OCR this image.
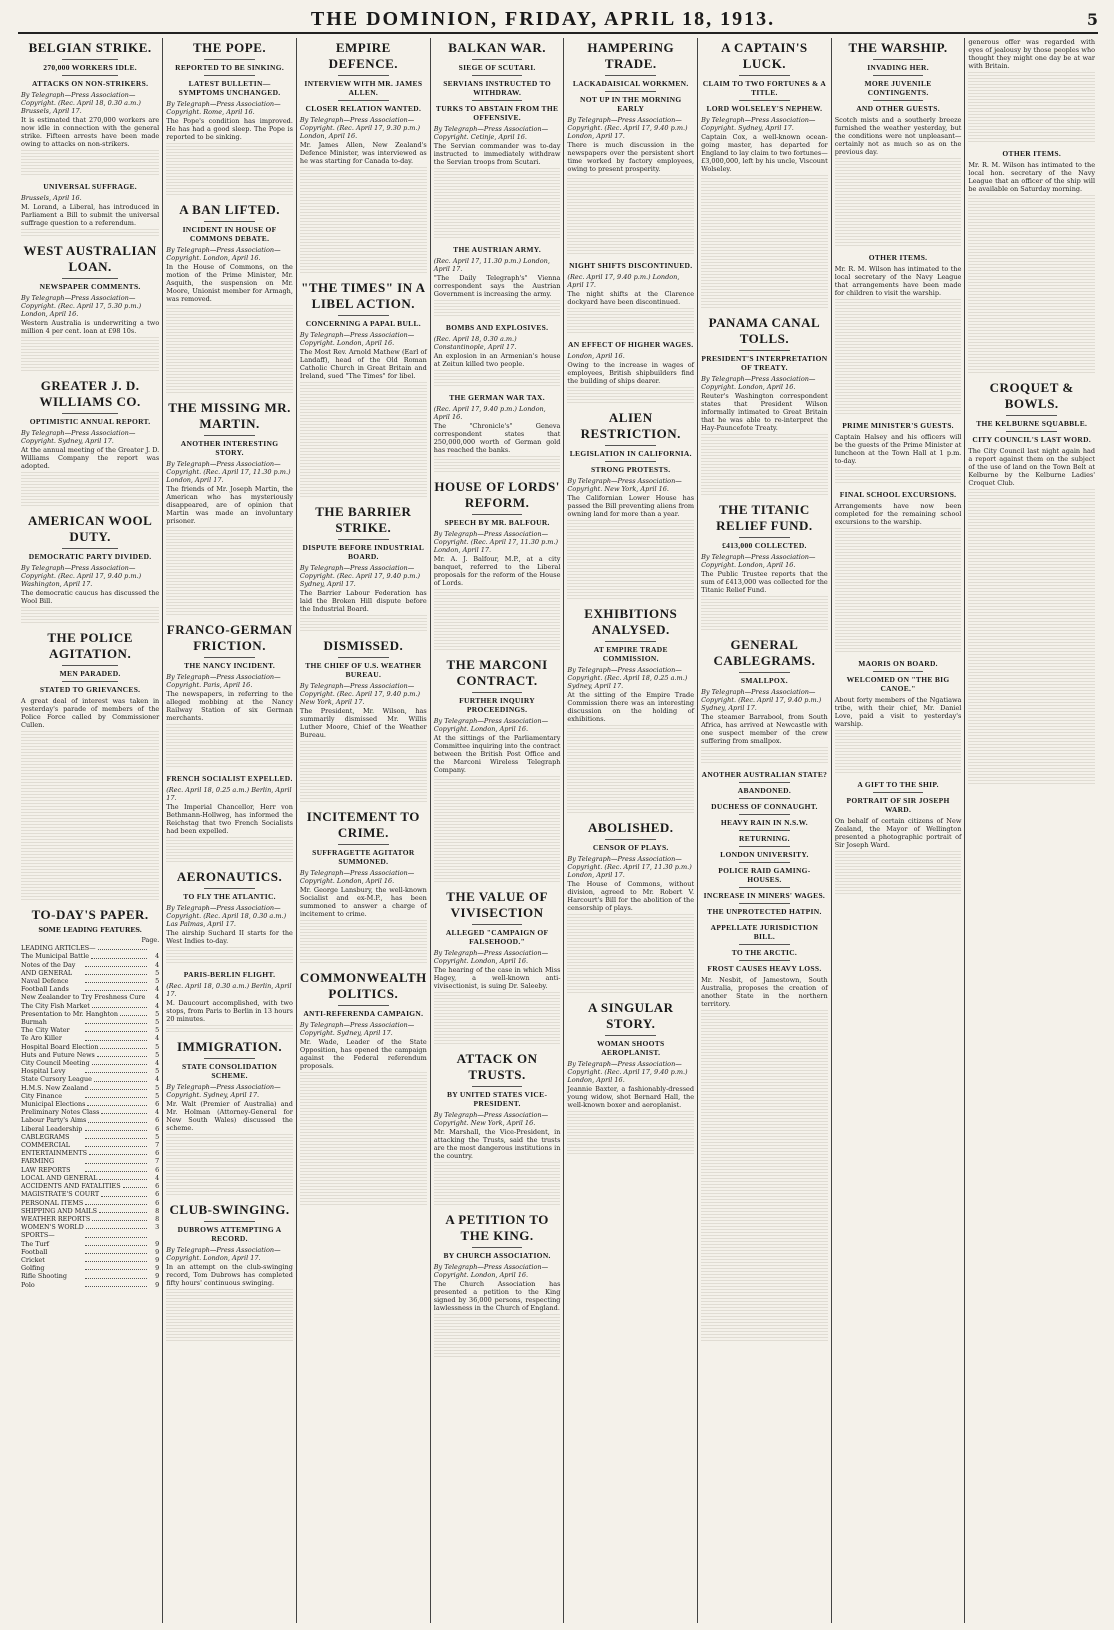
THE DOMINION, FRIDAY, APRIL 18, 1913.	5
BELGIAN STRIKE.
270,000 WORKERS IDLE.
ATTACKS ON NON-STRIKERS.
By Telegraph—Press Association—Copyright. (Rec. April 18, 0.30 a.m.) Brussels, April 17.

It is estimated that 270,000 workers are now idle in connection with the general strike. Fifteen arrests have been made owing to attacks on non-strikers.

UNIVERSAL SUFFRAGE.
Brussels, April 16.

M. Lorand, a Liberal, has introduced in Parliament a Bill to submit the universal suffrage question to a referendum.

WEST AUSTRALIAN LOAN.
NEWSPAPER COMMENTS.
By Telegraph—Press Association—Copyright. (Rec. April 17, 5.30 p.m.) London, April 16.

Western Australia is underwriting a two million 4 per cent. loan at £98 10s.

GREATER J. D. WILLIAMS CO.
OPTIMISTIC ANNUAL REPORT.
By Telegraph—Press Association—Copyright. Sydney, April 17.

At the annual meeting of the Greater J. D. Williams Company the report was adopted.

AMERICAN WOOL DUTY.
DEMOCRATIC PARTY DIVIDED.
By Telegraph—Press Association—Copyright. (Rec. April 17, 9.40 p.m.) Washington, April 17.

The democratic caucus has discussed the Wool Bill.

THE POLICE AGITATION.
MEN PARADED.
STATED TO GRIEVANCES.

A great deal of interest was taken in yesterday's parade of members of the Police Force called by Commissioner Cullen.

TO-DAY'S PAPER.
SOME LEADING FEATURES.
Page.
LEADING ARTICLES—
The Municipal Battle	4
Notes of the Day	4
AND GENERAL	5
Naval Defence	5
Football Lands	4
New Zealander to Try Freshness Cure	4
The City Fish Market	4
Presentation to Mr. Hanghton	5
Burmah	5
The City Water	5
Te Aro Killer	4
Hospital Board Election	5
Huts and Future News	5
City Council Meeting	4
Hospital Levy	5
State Cursory League	4
H.M.S. New Zealand	5
City Finance	5
Municipal Elections	6
Preliminary Notes Class	4
Labour Party's Aims	6
Liberal Leadership	6
CABLEGRAMS	5
COMMERCIAL	7
ENTERTAINMENTS	6
FARMING	7
LAW REPORTS	6
LOCAL AND GENERAL	4
ACCIDENTS AND FATALITIES	6
MAGISTRATE'S COURT	6
PERSONAL ITEMS	6
SHIPPING AND MAILS	8
WEATHER REPORTS	8
WOMEN'S WORLD	3
SPORTS—
The Turf	9
Football	9
Cricket	9
Golfing	9
Rifle Shooting	9
Polo	9
THE POPE.
REPORTED TO BE SINKING.
LATEST BULLETIN—SYMPTOMS UNCHANGED.
By Telegraph—Press Association—Copyright. Rome, April 16.

The Pope's condition has improved. He has had a good sleep. The Pope is reported to be sinking.

A BAN LIFTED.
INCIDENT IN HOUSE OF COMMONS DEBATE.
By Telegraph—Press Association—Copyright. London, April 16.

In the House of Commons, on the motion of the Prime Minister, Mr. Asquith, the suspension on Mr. Moore, Unionist member for Armagh, was removed.

THE MISSING MR. MARTIN.
ANOTHER INTERESTING STORY.
By Telegraph—Press Association—Copyright. (Rec. April 17, 11.30 p.m.) London, April 17.

The friends of Mr. Joseph Martin, the American who has mysteriously disappeared, are of opinion that Martin was made an involuntary prisoner.

FRANCO-GERMAN FRICTION.
THE NANCY INCIDENT.
By Telegraph—Press Association—Copyright. Paris, April 16.

The newspapers, in referring to the alleged mobbing at the Nancy Railway Station of six German merchants.

FRENCH SOCIALIST EXPELLED.
(Rec. April 18, 0.25 a.m.) Berlin, April 17.

The Imperial Chancellor, Herr von Bethmann-Hollweg, has informed the Reichstag that two French Socialists had been expelled.

AERONAUTICS.
TO FLY THE ATLANTIC.
By Telegraph—Press Association—Copyright. (Rec. April 18, 0.30 a.m.) Las Palmas, April 17.

The airship Suchard II starts for the West Indies to-day.

PARIS-BERLIN FLIGHT.
(Rec. April 18, 0.30 a.m.) Berlin, April 17.

M. Daucourt accomplished, with two stops, from Paris to Berlin in 13 hours 20 minutes.

IMMIGRATION.
STATE CONSOLIDATION SCHEME.
By Telegraph—Press Association—Copyright. Sydney, April 17.

Mr. Walt (Premier of Australia) and Mr. Holman (Attorney-General for New South Wales) discussed the scheme.

CLUB-SWINGING.
DUBROWS ATTEMPTING A RECORD.
By Telegraph—Press Association—Copyright. London, April 17.

In an attempt on the club-swinging record, Tom Dubrows has completed fifty hours' continuous swinging.

EMPIRE DEFENCE.
INTERVIEW WITH MR. JAMES ALLEN.
CLOSER RELATION WANTED.
By Telegraph—Press Association—Copyright. (Rec. April 17, 9.30 p.m.) London, April 16.

Mr. James Allen, New Zealand's Defence Minister, was interviewed as he was starting for Canada to-day.

"THE TIMES" IN A LIBEL ACTION.
CONCERNING A PAPAL BULL.
By Telegraph—Press Association—Copyright. London, April 16.

The Most Rev. Arnold Mathew (Earl of Landaff), head of the Old Roman Catholic Church in Great Britain and Ireland, sued "The Times" for libel.

THE BARRIER STRIKE.
DISPUTE BEFORE INDUSTRIAL BOARD.
By Telegraph—Press Association—Copyright. (Rec. April 17, 9.40 p.m.) Sydney, April 17.

The Barrier Labour Federation has laid the Broken Hill dispute before the Industrial Board.

DISMISSED.
THE CHIEF OF U.S. WEATHER BUREAU.
By Telegraph—Press Association—Copyright. (Rec. April 17, 9.40 p.m.) New York, April 17.

The President, Mr. Wilson, has summarily dismissed Mr. Willis Luther Moore, Chief of the Weather Bureau.

INCITEMENT TO CRIME.
SUFFRAGETTE AGITATOR SUMMONED.
By Telegraph—Press Association—Copyright. London, April 16.

Mr. George Lansbury, the well-known Socialist and ex-M.P., has been summoned to answer a charge of incitement to crime.

COMMONWEALTH POLITICS.
ANTI-REFERENDA CAMPAIGN.
By Telegraph—Press Association—Copyright. Sydney, April 17.

Mr. Wade, Leader of the State Opposition, has opened the campaign against the Federal referendum proposals.

BALKAN WAR.
SIEGE OF SCUTARI.
SERVIANS INSTRUCTED TO WITHDRAW.
TURKS TO ABSTAIN FROM THE OFFENSIVE.
By Telegraph—Press Association—Copyright. Cetinje, April 16.

The Servian commander was to-day instructed to immediately withdraw the Servian troops from Scutari.

THE AUSTRIAN ARMY.
(Rec. April 17, 11.30 p.m.) London, April 17.

"The Daily Telegraph's" Vienna correspondent says the Austrian Government is increasing the army.

BOMBS AND EXPLOSIVES.
(Rec. April 18, 0.30 a.m.) Constantinople, April 17.

An explosion in an Armenian's house at Zeitun killed two people.

THE GERMAN WAR TAX.
(Rec. April 17, 9.40 p.m.) London, April 16.

The "Chronicle's" Geneva correspondent states that 250,000,000 worth of German gold has reached the banks.

HOUSE OF LORDS' REFORM.
SPEECH BY MR. BALFOUR.
By Telegraph—Press Association—Copyright. (Rec. April 17, 11.30 p.m.) London, April 17.

Mr. A. J. Balfour, M.P., at a city banquet, referred to the Liberal proposals for the reform of the House of Lords.

THE MARCONI CONTRACT.
FURTHER INQUIRY PROCEEDINGS.
By Telegraph—Press Association—Copyright. London, April 16.

At the sittings of the Parliamentary Committee inquiring into the contract between the British Post Office and the Marconi Wireless Telegraph Company.

THE VALUE OF VIVISECTION
ALLEGED "CAMPAIGN OF FALSEHOOD."
By Telegraph—Press Association—Copyright. London, April 16.

The hearing of the case in which Miss Hagey, a well-known anti-vivisectionist, is suing Dr. Saleeby.

ATTACK ON TRUSTS.
BY UNITED STATES VICE-PRESIDENT.
By Telegraph—Press Association—Copyright. New York, April 16.

Mr. Marshall, the Vice-President, in attacking the Trusts, said the trusts are the most dangerous institutions in the country.

A PETITION TO THE KING.
BY CHURCH ASSOCIATION.
By Telegraph—Press Association—Copyright. London, April 16.

The Church Association has presented a petition to the King signed by 36,000 persons, respecting lawlessness in the Church of England.

HAMPERING TRADE.
LACKADAISICAL WORKMEN.
NOT UP IN THE MORNING EARLY
By Telegraph—Press Association—Copyright. (Rec. April 17, 9.40 p.m.) London, April 17.

There is much discussion in the newspapers over the persistent short time worked by factory employees, owing to present prosperity.

NIGHT SHIFTS DISCONTINUED.
(Rec. April 17, 9.40 p.m.) London, April 17.

The night shifts at the Clarence dockyard have been discontinued.

AN EFFECT OF HIGHER WAGES.
London, April 16.

Owing to the increase in wages of employees, British shipbuilders find the building of ships dearer.

ALIEN RESTRICTION.
LEGISLATION IN CALIFORNIA.
STRONG PROTESTS.
By Telegraph—Press Association—Copyright. New York, April 16.

The Californian Lower House has passed the Bill preventing aliens from owning land for more than a year.

EXHIBITIONS ANALYSED.
AT EMPIRE TRADE COMMISSION.
By Telegraph—Press Association—Copyright. (Rec. April 18, 0.25 a.m.) Sydney, April 17.

At the sitting of the Empire Trade Commission there was an interesting discussion on the holding of exhibitions.

ABOLISHED.
CENSOR OF PLAYS.
By Telegraph—Press Association—Copyright. (Rec. April 17, 11.30 p.m.) London, April 17.

The House of Commons, without division, agreed to Mr. Robert V. Harcourt's Bill for the abolition of the censorship of plays.

A SINGULAR STORY.
WOMAN SHOOTS AEROPLANIST.
By Telegraph—Press Association—Copyright. (Rec. April 17, 9.40 p.m.) London, April 16.

Jeannie Baxter, a fashionably-dressed young widow, shot Bernard Hall, the well-known boxer and aeroplanist.

A CAPTAIN'S LUCK.
CLAIM TO TWO FORTUNES & A TITLE.
LORD WOLSELEY'S NEPHEW.
By Telegraph—Press Association—Copyright. Sydney, April 17.

Captain Cox, a well-known ocean-going master, has departed for England to lay claim to two fortunes—£3,000,000, left by his uncle, Viscount Wolseley.

PANAMA CANAL TOLLS.
PRESIDENT'S INTERPRETATION OF TREATY.
By Telegraph—Press Association—Copyright. London, April 16.

Reuter's Washington correspondent states that President Wilson informally intimated to Great Britain that he was able to re-interpret the Hay-Pauncefote Treaty.

THE TITANIC RELIEF FUND.
£413,000 COLLECTED.
By Telegraph—Press Association—Copyright. London, April 16.

The Public Trustee reports that the sum of £413,000 was collected for the Titanic Relief Fund.

GENERAL CABLEGRAMS.
SMALLPOX.
By Telegraph—Press Association—Copyright. (Rec. April 17, 9.40 p.m.) Sydney, April 17.

The steamer Barrabool, from South Africa, has arrived at Newcastle with one suspect member of the crew suffering from smallpox.

ANOTHER AUSTRALIAN STATE?
ABANDONED.
DUCHESS OF CONNAUGHT.
HEAVY RAIN IN N.S.W.
RETURNING.
LONDON UNIVERSITY.
POLICE RAID GAMING-HOUSES.
INCREASE IN MINERS' WAGES.
THE UNPROTECTED HATPIN.
APPELLATE JURISDICTION BILL.
TO THE ARCTIC.
FROST CAUSES HEAVY LOSS.

Mr. Nesbit, of Jamestown, South Australia, proposes the creation of another State in the northern territory.

THE WARSHIP.
INVADING HER.
MORE JUVENILE CONTINGENTS.
AND OTHER GUESTS.

Scotch mists and a southerly breeze furnished the weather yesterday, but the conditions were not unpleasant—certainly not as much so as on the previous day.

OTHER ITEMS.

Mr. R. M. Wilson has intimated to the local secretary of the Navy League that arrangements have been made for children to visit the warship.

PRIME MINISTER'S GUESTS.

Captain Halsey and his officers will be the guests of the Prime Minister at luncheon at the Town Hall at 1 p.m. to-day.

FINAL SCHOOL EXCURSIONS.

Arrangements have now been completed for the remaining school excursions to the warship.

MAORIS ON BOARD.
WELCOMED ON "THE BIG CANOE."

About forty members of the Ngatiawa tribe, with their chief, Mr. Daniel Love, paid a visit to yesterday's warship.

A GIFT TO THE SHIP.
PORTRAIT OF SIR JOSEPH WARD.

On behalf of certain citizens of New Zealand, the Mayor of Wellington presented a photographic portrait of Sir Joseph Ward.

generous offer was regarded with eyes of jealousy by those peoples who thought they might one day be at war with Britain.

OTHER ITEMS.

Mr. R. M. Wilson has intimated to the local hon. secretary of the Navy League that an officer of the ship will be available on Saturday morning.

CROQUET & BOWLS.
THE KELBURNE SQUABBLE.
CITY COUNCIL'S LAST WORD.

The City Council last night again had a report against them on the subject of the use of land on the Town Belt at Kelburne by the Kelburne Ladies' Croquet Club.
